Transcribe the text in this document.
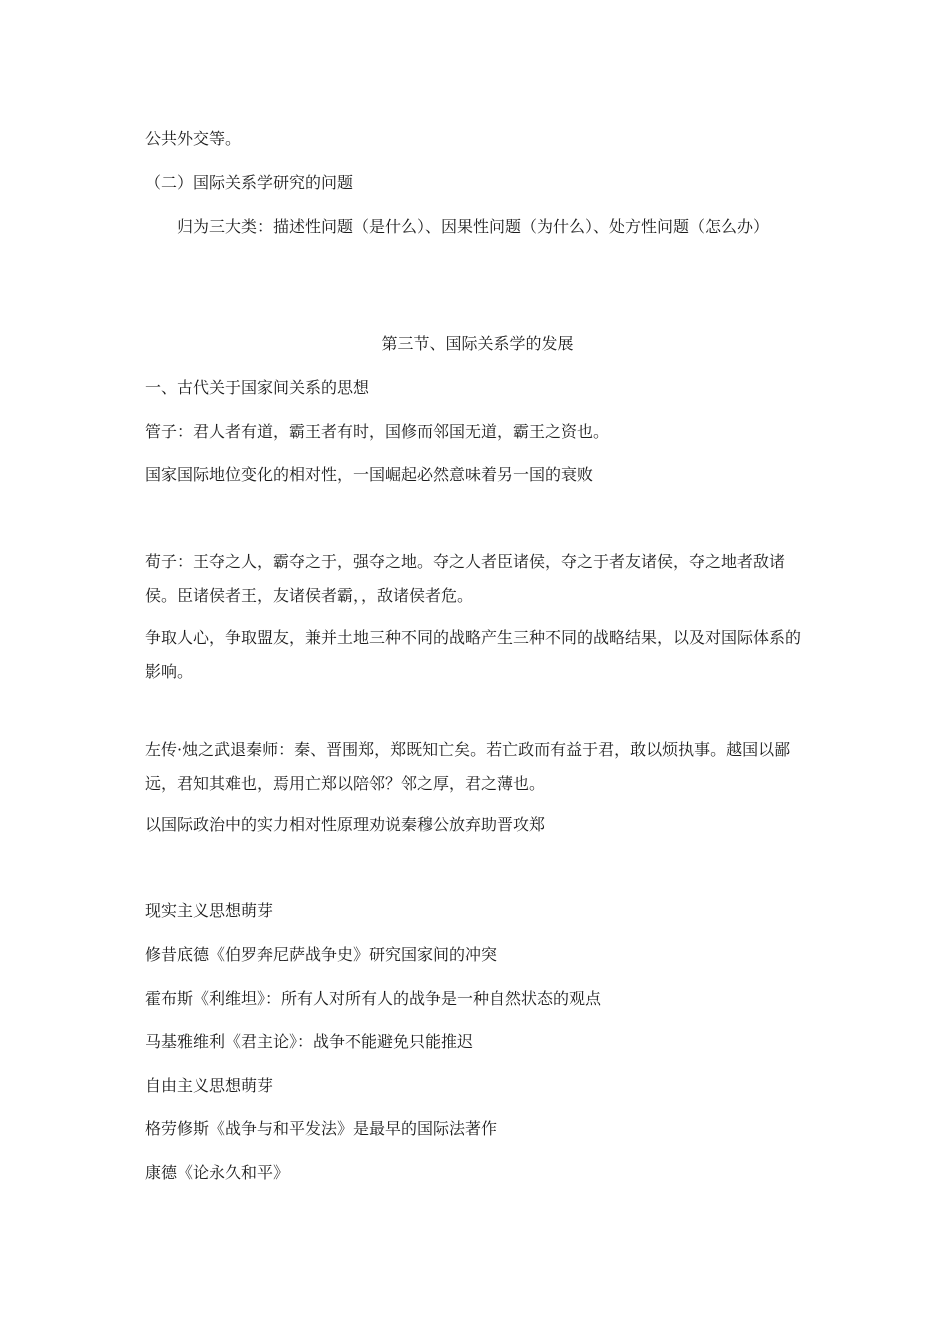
公共外交等。
（二）国际关系学研究的问题
归为三大类：描述性问题（是什么）、因果性问题（为什么）、处方性问题（怎么办）
第三节、国际关系学的发展
一、古代关于国家间关系的思想
管子：君人者有道，霸王者有时，国修而邻国无道，霸王之资也。
国家国际地位变化的相对性，一国崛起必然意味着另一国的衰败
荀子：王夺之人，霸夺之于，强夺之地。夺之人者臣诸侯，夺之于者友诸侯，夺之地者敌诸侯。臣诸侯者王，友诸侯者霸，，敌诸侯者危。
争取人心，争取盟友，兼并土地三种不同的战略产生三种不同的战略结果，以及对国际体系的影响。
左传·烛之武退秦师：秦、晋围郑，郑既知亡矣。若亡政而有益于君，敢以烦执事。越国以鄙远，君知其难也，焉用亡郑以陪邻？邻之厚，君之薄也。
以国际政治中的实力相对性原理劝说秦穆公放弃助晋攻郑
现实主义思想萌芽
修昔底德《伯罗奔尼萨战争史》研究国家间的冲突
霍布斯《利维坦》：所有人对所有人的战争是一种自然状态的观点
马基雅维利《君主论》：战争不能避免只能推迟
自由主义思想萌芽
格劳修斯《战争与和平发法》是最早的国际法著作
康德《论永久和平》
